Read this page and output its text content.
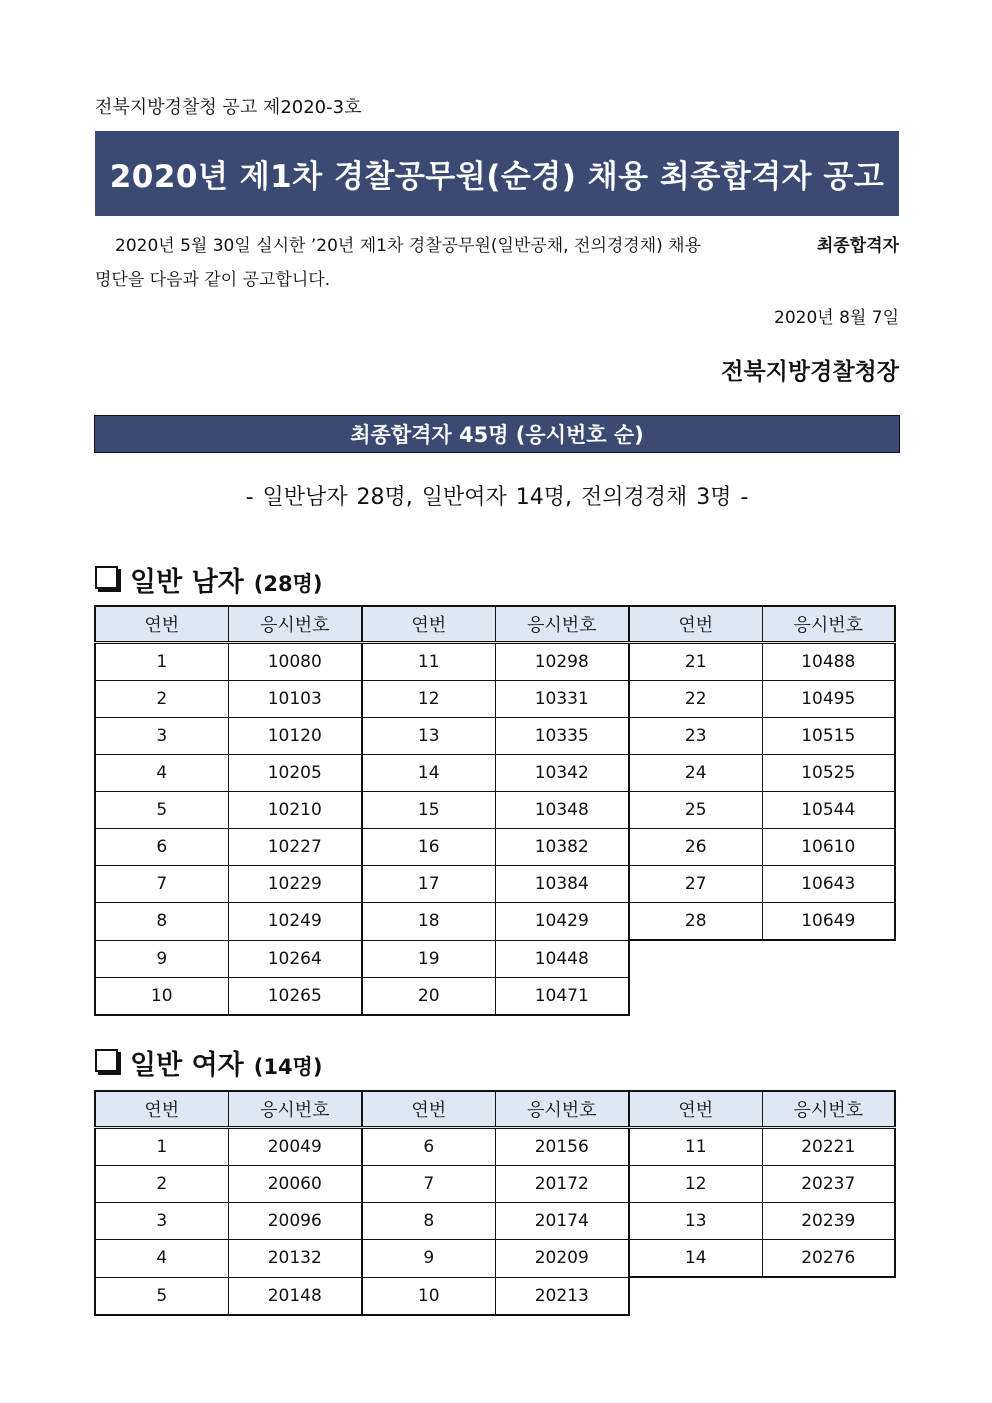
전북지방경찰청 공고 제2020-3호
2020년 제1차 경찰공무원(순경) 채용 최종합격자 공고
2020년 5월 30일 실시한 ’20년 제1차 경찰공무원(일반공채, 전의경경채) 채용	최종합격자
명단을 다음과 같이 공고합니다.
2020년 8월 7일
전북지방경찰청장
최종합격자 45명 (응시번호 순)
- 일반남자 28명, 일반여자 14명, 전의경경채 3명 -
일반 남자 (28명)
연번	응시번호	연번	응시번호	연번	응시번호
1	10080	11	10298	21	10488
2	10103	12	10331	22	10495
3	10120	13	10335	23	10515
4	10205	14	10342	24	10525
5	10210	15	10348	25	10544
6	10227	16	10382	26	10610
7	10229	17	10384	27	10643
8	10249	18	10429	28	10649
9	10264	19	10448		
10	10265	20	10471		
일반 여자 (14명)
연번	응시번호	연번	응시번호	연번	응시번호
1	20049	6	20156	11	20221
2	20060	7	20172	12	20237
3	20096	8	20174	13	20239
4	20132	9	20209	14	20276
5	20148	10	20213		
